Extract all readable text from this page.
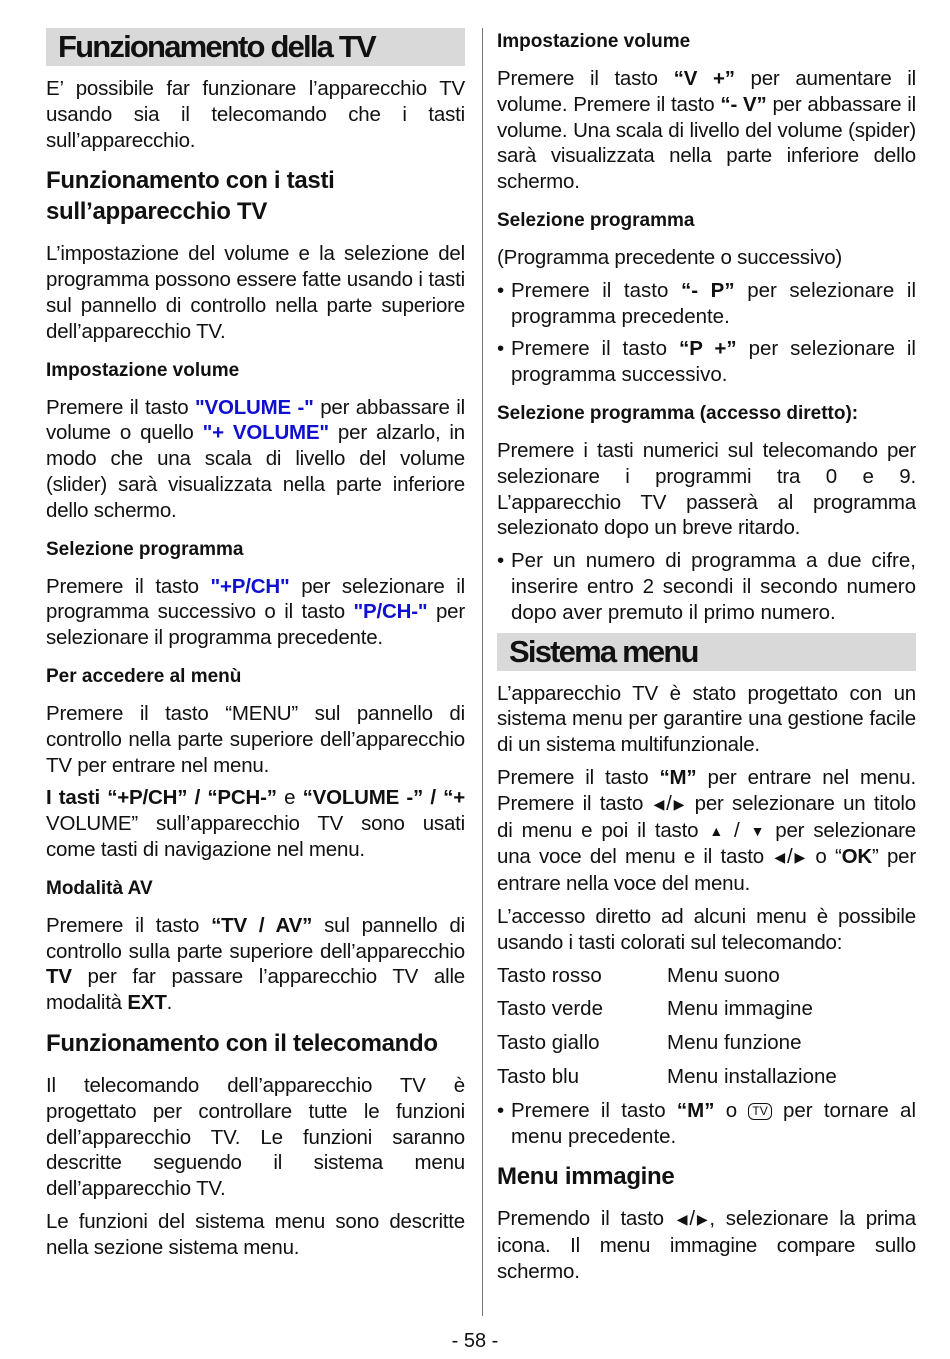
Funzionamento della TV
E’ possibile far funzionare l’apparecchio TV usando sia il telecomando che i tasti sull’apparecchio.
Funzionamento con i tasti sull’apparecchio TV
L’impostazione del volume e la selezione del programma possono essere fatte usando i tasti sul pannello di controllo nella parte superiore dell’apparecchio TV.
Impostazione volume
Premere il tasto "VOLUME -" per abbassare il volume o quello "+ VOLUME" per alzarlo, in modo che una scala di livello del volume (slider) sarà visualizzata nella parte inferiore dello schermo.
Selezione programma
Premere il tasto "+P/CH" per selezionare il programma successivo o il tasto "P/CH-" per selezionare il programma precedente.
Per accedere al menù
Premere il tasto “MENU” sul pannello di controllo nella parte superiore dell’apparecchio TV per entrare nel menu.
I tasti “+P/CH” / “PCH-” e “VOLUME -” / “+ VOLUME” sull’apparecchio TV sono usati come tasti di navigazione nel menu.
Modalità AV
Premere il tasto “TV / AV” sul pannello di controllo sulla parte superiore dell’apparecchio TV per far passare l’apparecchio TV alle modalità EXT.
Funzionamento con il telecomando
Il telecomando dell’apparecchio TV è progettato per controllare tutte le funzioni dell’apparecchio TV. Le funzioni saranno descritte seguendo il sistema menu dell’apparecchio TV.
Le funzioni del sistema menu sono descritte nella sezione sistema menu.
Impostazione volume
Premere il tasto “V +” per aumentare il volume. Premere il tasto “- V” per abbassare il volume. Una scala di livello del volume (spider) sarà visualizzata nella parte inferiore dello schermo.
Selezione programma
(Programma precedente o successivo)
• Premere il tasto “- P” per selezionare il programma precedente.
• Premere il tasto “P +” per selezionare il programma successivo.
Selezione programma (accesso diretto):
Premere i tasti numerici sul telecomando per selezionare i programmi tra 0 e 9. L’apparecchio TV passerà al programma selezionato dopo un breve ritardo.
• Per un numero di programma a due cifre, inserire entro 2 secondi il secondo numero dopo aver premuto il primo numero.
Sistema menu
L’apparecchio TV è stato progettato con un sistema menu per garantire una gestione facile di un sistema multifunzionale.
Premere il tasto “M” per entrare nel menu. Premere il tasto ◀/ ▶ per selezionare un titolo di menu e poi il tasto ▲ / ▼ per selezionare una voce del menu e il tasto ◀/ ▶ o “OK” per entrare nella voce del menu.
L’accesso diretto ad alcuni menu è possibile usando i tasti colorati sul telecomando:
Tasto rosso	Menu suono
Tasto verde	Menu immagine
Tasto giallo	Menu funzione
Tasto blu	Menu installazione
• Premere il tasto “M” o TV per tornare al menu precedente.
Menu immagine
Premendo il tasto ◀/ ▶, selezionare la prima icona. Il menu immagine compare sullo schermo.
- 58 -
